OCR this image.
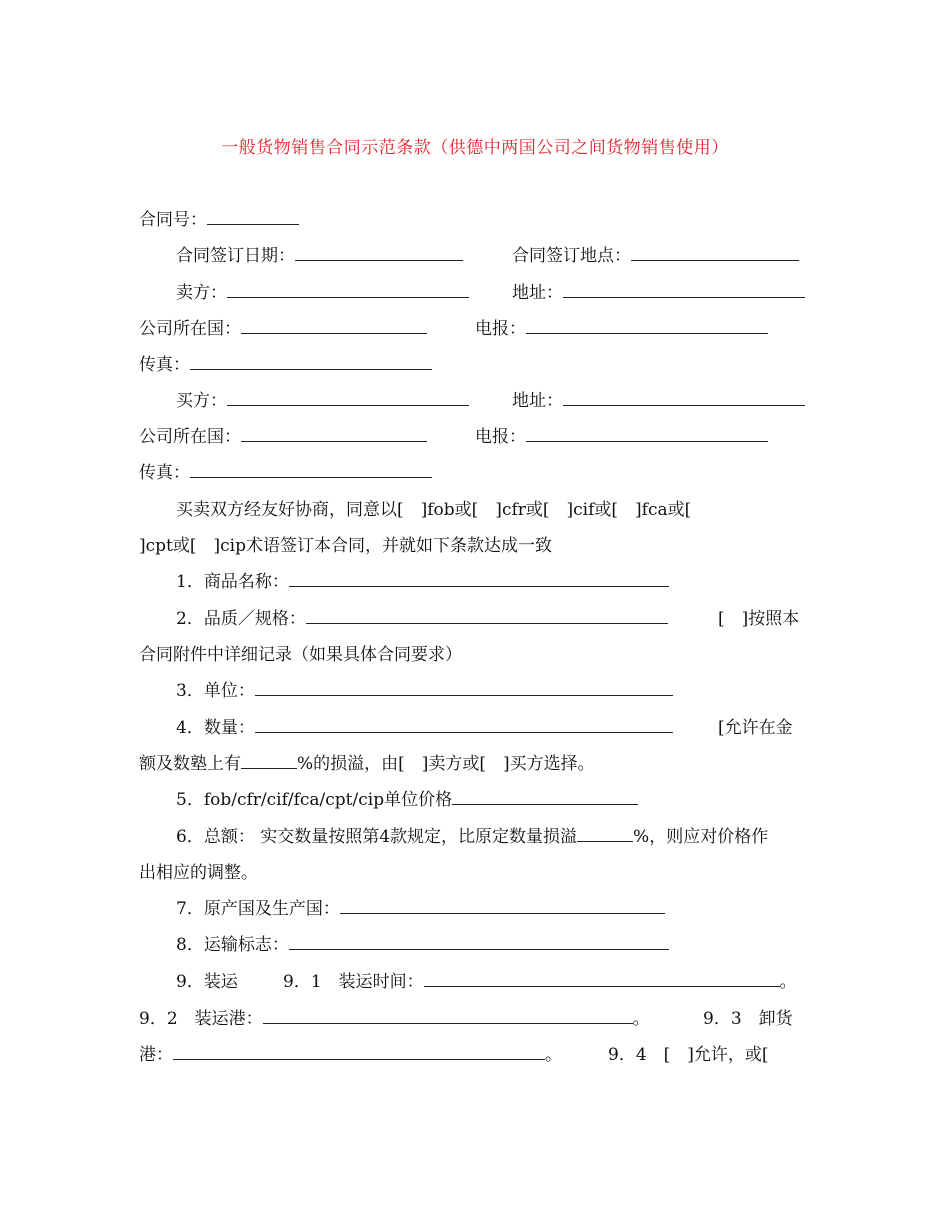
一般货物销售合同示范条款（供德中两国公司之间货物销售使用）
合同号：
合同签订日期：	合同签订地点：
卖方：	地址：
公司所在国：	电报：
传真：
买方：	地址：
公司所在国：	电报：
传真：
买卖双方经友好协商，同意以[　]fob或[　]cfr或[　]cif或[　]fca或[
]cpt或[　]cip术语签订本合同，并就如下条款达成一致
1．商品名称：
2．品质／规格：	[　]按照本
合同附件中详细记录（如果具体合同要求）
3．单位：
4．数量：	[允许在金
额及数塾上有	%的损溢，由[　]卖方或[　]买方选择。
5．fob/cfr/cif/fca/cpt/cip单位价格
6．总额： 实交数量按照第4款规定，比原定数量损溢	%，则应对价格作
出相应的调整。
7．原产国及生产国：
8．运输标志：
9．装运	9．1　装运时间：	。
9．2　装运港：	。	9．3　卸货
港：	。	9．4　[　]允许，或[
